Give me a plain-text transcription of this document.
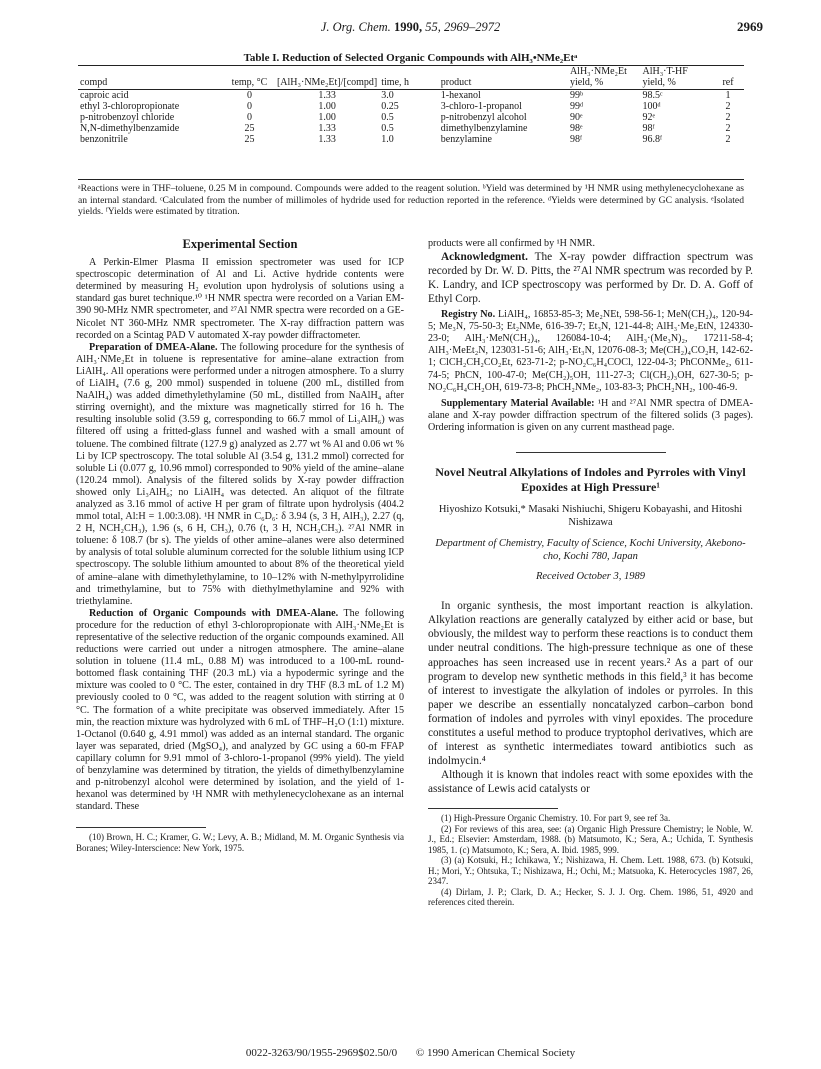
J. Org. Chem. 1990, 55, 2969–2972	2969
Table I. Reduction of Selected Organic Compounds with AlH₃•NMe₂Etᵃ
compd	temp, °C	[AlH₃·NMe₂Et]/[compd]	time, h	product	AlH₃·NMe₂Et yield, %	AlH₃·T-HF yield, %	ref
caproic acid	0	1.33	3.0	1-hexanol	99ᵇ	98.5ᶜ	1
ethyl 3-chloropropionate	0	1.00	0.25	3-chloro-1-propanol	99ᵈ	100ᵈ	2
p-nitrobenzoyl chloride	0	1.00	0.5	p-nitrobenzyl alcohol	90ᵉ	92ᵉ	2
N,N-dimethylbenzamide	25	1.33	0.5	dimethylbenzylamine	98ᵉ	98ᶠ	2
benzonitrile	25	1.33	1.0	benzylamine	98ᶠ	96.8ᶠ	2
ᵃReactions were in THF–toluene, 0.25 M in compound. Compounds were added to the reagent solution. ᵇYield was determined by ¹H NMR using methylenecyclohexane as an internal standard. ᶜCalculated from the number of millimoles of hydride used for reduction reported in the reference. ᵈYields were determined by GC analysis. ᵉIsolated yields. ᶠYields were estimated by titration.
Experimental Section

A Perkin-Elmer Plasma II emission spectrometer was used for ICP spectroscopic determination of Al and Li. Active hydride contents were determined by measuring H₂ evolution upon hydrolysis of solutions using a standard gas buret technique.¹⁰ ¹H NMR spectra were recorded on a Varian EM-390 90-MHz NMR spectrometer, and ²⁷Al NMR spectra were recorded on a GE-Nicolet NT 360-MHz NMR spectrometer. The X-ray diffraction pattern was recorded on a Scintag PAD V automated X-ray powder diffractometer.

Preparation of DMEA-Alane. The following procedure for the synthesis of AlH₃·NMe₂Et in toluene is representative for amine–alane extraction from LiAlH₄. All operations were performed under a nitrogen atmosphere. To a slurry of LiAlH₄ (7.6 g, 200 mmol) suspended in toluene (200 mL, distilled from NaAlH₄) was added dimethylethylamine (50 mL, distilled from NaAlH₄ after stirring overnight), and the mixture was magnetically stirred for 16 h. The resulting insoluble solid (3.59 g, corresponding to 66.7 mmol of Li₃AlH₆) was filtered off using a fritted-glass funnel and washed with a small amount of toluene. The combined filtrate (127.9 g) analyzed as 2.77 wt % Al and 0.06 wt % Li by ICP spectroscopy. The total soluble Al (3.54 g, 131.2 mmol) corrected for soluble Li (0.077 g, 10.96 mmol) corresponded to 90% yield of the amine–alane (120.24 mmol). Analysis of the filtered solids by X-ray powder diffraction showed only Li₃AlH₆; no LiAlH₄ was detected. An aliquot of the filtrate analyzed as 3.16 mmol of active H per gram of filtrate upon hydrolysis (404.2 mmol total, Al:H = 1.00:3.08). ¹H NMR in C₆D₆: δ 3.94 (s, 3 H, AlH₃), 2.27 (q, 2 H, NCH₂CH₃), 1.96 (s, 6 H, CH₃), 0.76 (t, 3 H, NCH₂CH₃). ²⁷Al NMR in toluene: δ 108.7 (br s). The yields of other amine–alanes were also determined by analysis of total soluble aluminum corrected for the soluble lithium using ICP spectroscopy. The soluble lithium amounted to about 8% of the theoretical yield of amine–alane with dimethylethylamine, to 10–12% with N-methylpyrrolidine and trimethylamine, but to 75% with diethylmethylamine and 92% with triethylamine.

Reduction of Organic Compounds with DMEA-Alane. The following procedure for the reduction of ethyl 3-chloropropionate with AlH₃·NMe₂Et is representative of the selective reduction of the organic compounds examined. All reductions were carried out under a nitrogen atmosphere. The amine–alane solution in toluene (11.4 mL, 0.88 M) was introduced to a 100-mL round-bottomed flask containing THF (20.3 mL) via a hypodermic syringe and the mixture was cooled to 0 °C. The ester, contained in dry THF (8.3 mL of 1.2 M) previously cooled to 0 °C, was added to the reagent solution with stirring at 0 °C. The formation of a white precipitate was observed immediately. After 15 min, the reaction mixture was hydrolyzed with 6 mL of THF–H₂O (1:1) mixture. 1-Octanol (0.640 g, 4.91 mmol) was added as an internal standard. The organic layer was separated, dried (MgSO₄), and analyzed by GC using a 60-m FFAP capillary column for 9.91 mmol of 3-chloro-1-propanol (99% yield). The yield of benzylamine was determined by titration, the yields of dimethylbenzylamine and p-nitrobenzyl alcohol were determined by isolation, and the yield of 1-hexanol was determined by ¹H NMR with methylenecyclohexane as an internal standard. These

(10) Brown, H. C.; Kramer, G. W.; Levy, A. B.; Midland, M. M. Organic Synthesis via Boranes; Wiley-Interscience: New York, 1975.

products were all confirmed by ¹H NMR.

Acknowledgment. The X-ray powder diffraction spectrum was recorded by Dr. W. D. Pitts, the ²⁷Al NMR spectrum was recorded by P. K. Landry, and ICP spectroscopy was performed by Dr. D. A. Goff of Ethyl Corp.

Registry No. LiAlH₄, 16853-85-3; Me₂NEt, 598-56-1; MeN(CH₂)₄, 120-94-5; Me₃N, 75-50-3; Et₂NMe, 616-39-7; Et₃N, 121-44-8; AlH₃·Me₂EtN, 124330-23-0; AlH₃·MeN(CH₂)₄, 126084-10-4; AlH₃·(Me₃N)₂, 17211-58-4; AlH₃·MeEt₂N, 123031-51-6; AlH₃·Et₃N, 12076-08-3; Me(CH₂)₄CO₂H, 142-62-1; ClCH₂CH₂CO₂Et, 623-71-2; p-NO₂C₆H₄COCl, 122-04-3; PhCONMe₂, 611-74-5; PhCN, 100-47-0; Me(CH₂)₅OH, 111-27-3; Cl(CH₂)₃OH, 627-30-5; p-NO₂C₆H₄CH₂OH, 619-73-8; PhCH₂NMe₂, 103-83-3; PhCH₂NH₂, 100-46-9.

Supplementary Material Available: ¹H and ²⁷Al NMR spectra of DMEA-alane and X-ray powder diffraction spectrum of the filtered solids (3 pages). Ordering information is given on any current masthead page.

Novel Neutral Alkylations of Indoles and Pyrroles with Vinyl Epoxides at High Pressure¹
Hiyoshizo Kotsuki,* Masaki Nishiuchi, Shigeru Kobayashi, and Hitoshi Nishizawa
Department of Chemistry, Faculty of Science, Kochi University, Akebono-cho, Kochi 780, Japan
Received October 3, 1989

In organic synthesis, the most important reaction is alkylation. Alkylation reactions are generally catalyzed by either acid or base, but obviously, the mildest way to perform these reactions is to conduct them under neutral conditions. The high-pressure technique as one of these approaches has seen increased use in recent years.² As a part of our program to develop new synthetic methods in this field,³ it has become of interest to investigate the alkylation of indoles or pyrroles. In this paper we describe an essentially noncatalyzed carbon–carbon bond formation of indoles and pyrroles with vinyl epoxides. The procedure constitutes a useful method to produce tryptophol derivatives, which are of interest as synthetic intermediates toward antibiotics such as indolmycin.⁴

Although it is known that indoles react with some epoxides with the assistance of Lewis acid catalysts or

(1) High-Pressure Organic Chemistry. 10. For part 9, see ref 3a.

(2) For reviews of this area, see: (a) Organic High Pressure Chemistry; le Noble, W. J., Ed.; Elsevier: Amsterdam, 1988. (b) Matsumoto, K.; Sera, A.; Uchida, T. Synthesis 1985, 1. (c) Matsumoto, K.; Sera, A. Ibid. 1985, 999.

(3) (a) Kotsuki, H.; Ichikawa, Y.; Nishizawa, H. Chem. Lett. 1988, 673. (b) Kotsuki, H.; Mori, Y.; Ohtsuka, T.; Nishizawa, H.; Ochi, M.; Matsuoka, K. Heterocycles 1987, 26, 2347.

(4) Dirlam, J. P.; Clark, D. A.; Hecker, S. J. J. Org. Chem. 1986, 51, 4920 and references cited therein.

0022-3263/90/1955-2969$02.50/0 © 1990 American Chemical Society
